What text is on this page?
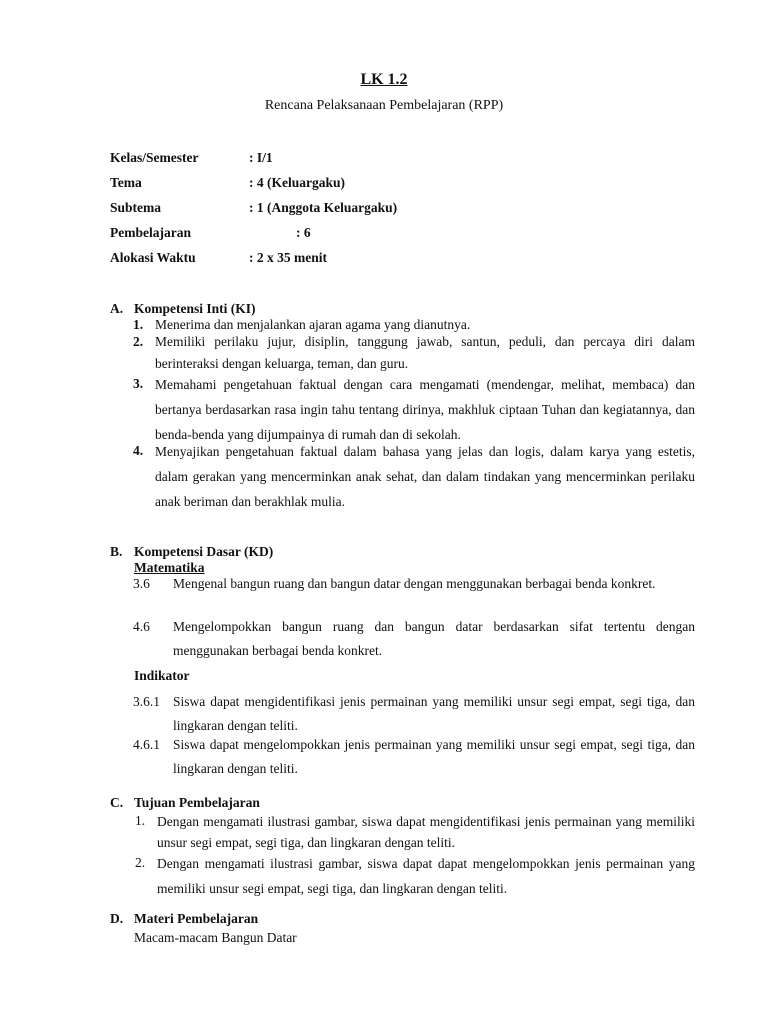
LK 1.2
Rencana Pelaksanaan Pembelajaran (RPP)
Kelas/Semester	: I/1
Tema	: 4 (Keluargaku)
Subtema	: 1 (Anggota Keluargaku)
Pembelajaran	: 6
Alokasi Waktu	: 2 x 35 menit
A. Kompetensi Inti (KI)
1. Menerima dan menjalankan ajaran agama yang dianutnya.
2. Memiliki perilaku jujur, disiplin, tanggung jawab, santun, peduli, dan percaya diri dalam berinteraksi dengan keluarga, teman, dan guru.
3. Memahami pengetahuan faktual dengan cara mengamati (mendengar, melihat, membaca) dan bertanya berdasarkan rasa ingin tahu tentang dirinya, makhluk ciptaan Tuhan dan kegiatannya, dan benda-benda yang dijumpainya di rumah dan di sekolah.
4. Menyajikan pengetahuan faktual dalam bahasa yang jelas dan logis, dalam karya yang estetis, dalam gerakan yang mencerminkan anak sehat, dan dalam tindakan yang mencerminkan perilaku anak beriman dan berakhlak mulia.
B. Kompetensi Dasar (KD)
Matematika
3.6 Mengenal bangun ruang dan bangun datar dengan menggunakan berbagai benda konkret.
4.6 Mengelompokkan bangun ruang dan bangun datar berdasarkan sifat tertentu dengan menggunakan berbagai benda konkret.
Indikator
3.6.1 Siswa dapat mengidentifikasi jenis permainan yang memiliki unsur segi empat, segi tiga, dan lingkaran dengan teliti.
4.6.1 Siswa dapat mengelompokkan jenis permainan yang memiliki unsur segi empat, segi tiga, dan lingkaran dengan teliti.
C. Tujuan Pembelajaran
1. Dengan mengamati ilustrasi gambar, siswa dapat mengidentifikasi jenis permainan yang memiliki unsur segi empat, segi tiga, dan lingkaran dengan teliti.
2. Dengan mengamati ilustrasi gambar, siswa dapat dapat mengelompokkan jenis permainan yang memiliki unsur segi empat, segi tiga, dan lingkaran dengan teliti.
D. Materi Pembelajaran
Macam-macam Bangun Datar
